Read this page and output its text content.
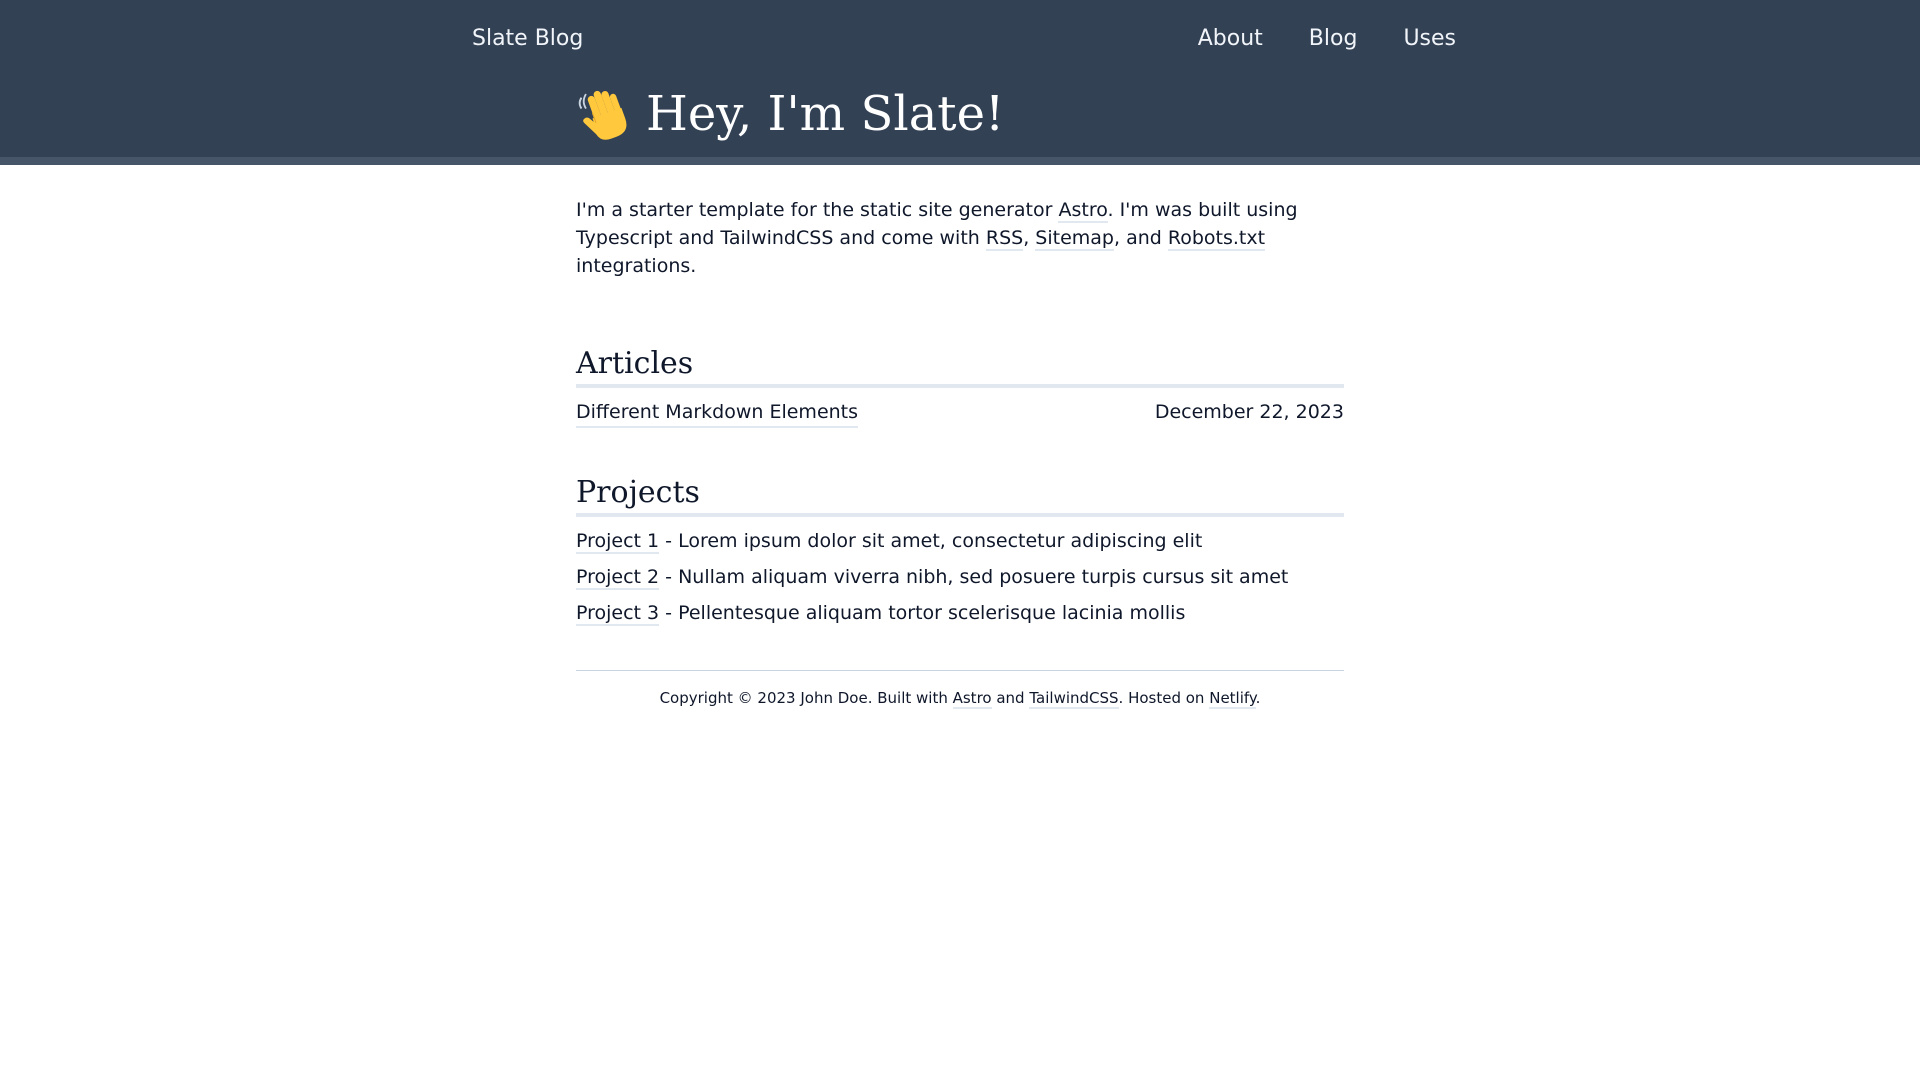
Slate Blog	About Blog Uses
Hey, I'm Slate!

I'm a starter template for the static site generator Astro. I'm was built using Typescript and TailwindCSS and come with RSS, Sitemap, and Robots.txt integrations.

Articles
Different Markdown Elements	December 22, 2023
Projects
Project 1 - Lorem ipsum dolor sit amet, consectetur adipiscing elit
Project 2 - Nullam aliquam viverra nibh, sed posuere turpis cursus sit amet
Project 3 - Pellentesque aliquam tortor scelerisque lacinia mollis
Copyright © 2023 John Doe. Built with Astro and TailwindCSS. Hosted on Netlify.
